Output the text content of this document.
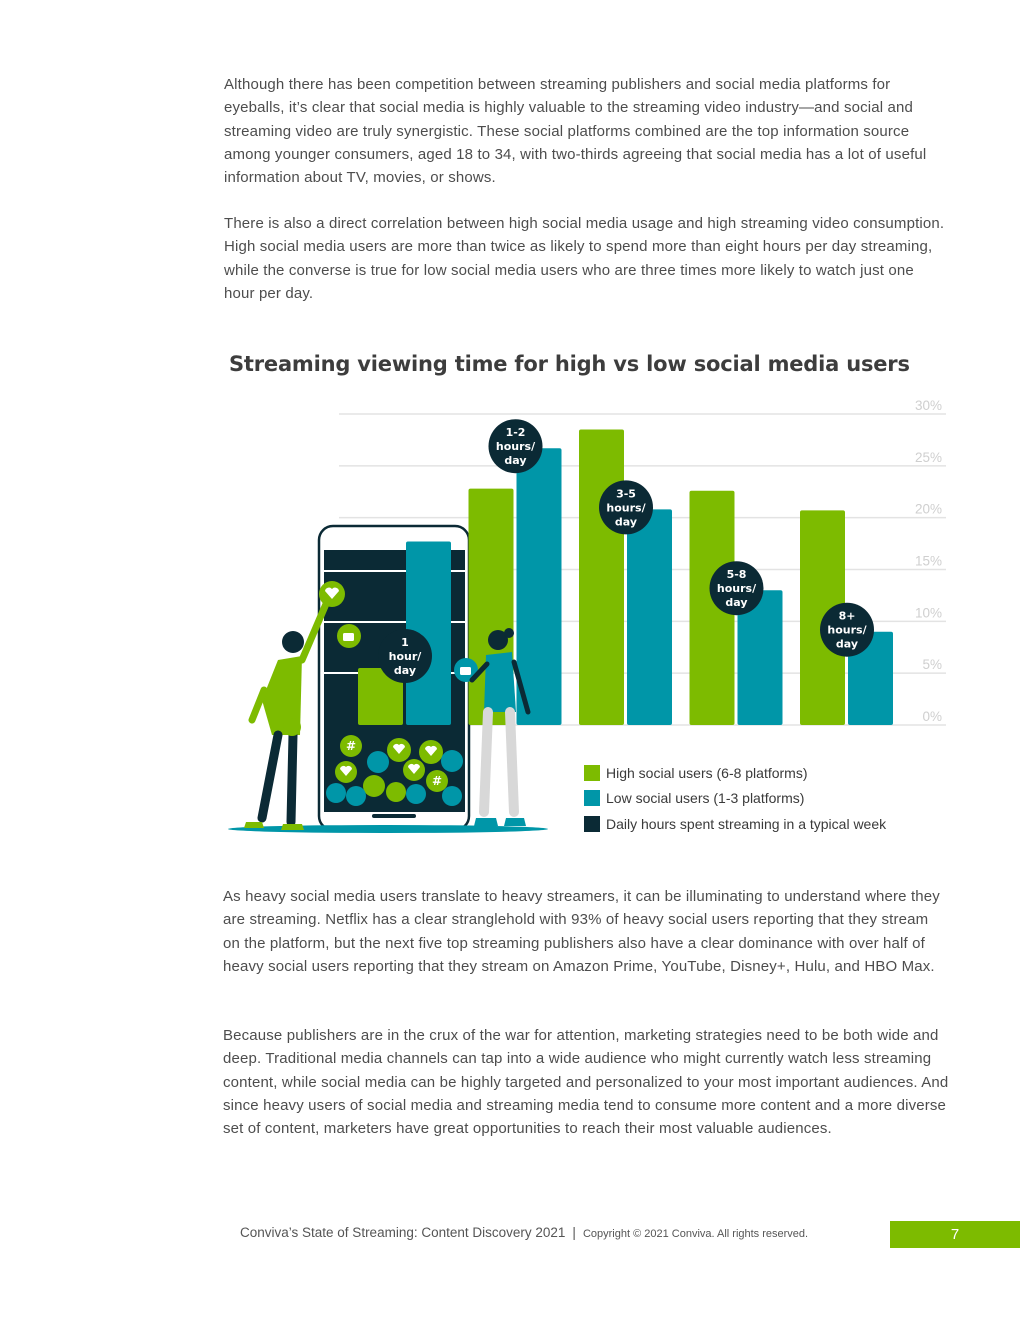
Although there has been competition between streaming publishers and social media platforms for eyeballs, it’s clear that social media is highly valuable to the streaming video industry—and social and streaming video are truly synergistic. These social platforms combined are the top information source among younger consumers, aged 18 to 34, with two-thirds agreeing that social media has a lot of useful information about TV, movies, or shows.

There is also a direct correlation between high social media usage and high streaming video consumption. High social media users are more than twice as likely to spend more than eight hours per day streaming, while the converse is true for low social media users who are three times more likely to watch just one hour per day.

Streaming viewing time for high vs low social media users
#
#
1
hour/
day
1-2
hours/
day
3-5
hours/
day
5-8
hours/
day
8+
hours/
day
0%
5%
10%
15%
20%
25%
30%
High social users (6-8 platforms)
Low social users (1-3 platforms)
Daily hours spent streaming in a typical week

As heavy social media users translate to heavy streamers, it can be illuminating to understand where they are streaming. Netflix has a clear stranglehold with 93% of heavy social users reporting that they stream on the platform, but the next five top streaming publishers also have a clear dominance with over half of heavy social users reporting that they stream on Amazon Prime, YouTube, Disney+, Hulu, and HBO Max.

Because publishers are in the crux of the war for attention, marketing strategies need to be both wide and deep. Traditional media channels can tap into a wide audience who might currently watch less streaming content, while social media can be highly targeted and personalized to your most important audiences. And since heavy users of social media and streaming media tend to consume more content and a more diverse set of content, marketers have great opportunities to reach their most valuable audiences.

Conviva’s State of Streaming: Content Discovery 2021 | Copyright © 2021 Conviva. All rights reserved.	7
